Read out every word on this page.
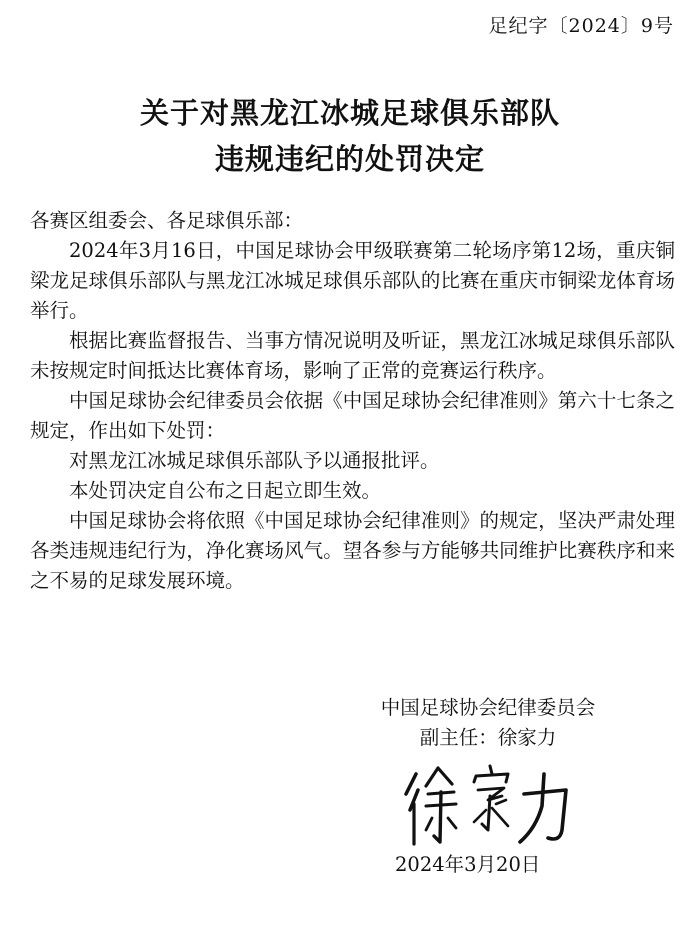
足纪字〔2024〕9号
关于对黑龙江冰城足球俱乐部队
违规违纪的处罚决定

各赛区组委会、各足球俱乐部：

2024年3月16日，中国足球协会甲级联赛第二轮场序第12场，重庆铜梁龙足球俱乐部队与黑龙江冰城足球俱乐部队的比赛在重庆市铜梁龙体育场举行。

根据比赛监督报告、当事方情况说明及听证，黑龙江冰城足球俱乐部队未按规定时间抵达比赛体育场，影响了正常的竞赛运行秩序。

中国足球协会纪律委员会依据《中国足球协会纪律准则》第六十七条之规定，作出如下处罚：

对黑龙江冰城足球俱乐部队予以通报批评。

本处罚决定自公布之日起立即生效。

中国足球协会将依照《中国足球协会纪律准则》的规定，坚决严肃处理各类违规违纪行为，净化赛场风气。望各参与方能够共同维护比赛秩序和来之不易的足球发展环境。

中国足球协会纪律委员会
副主任：徐家力
2024年3月20日
